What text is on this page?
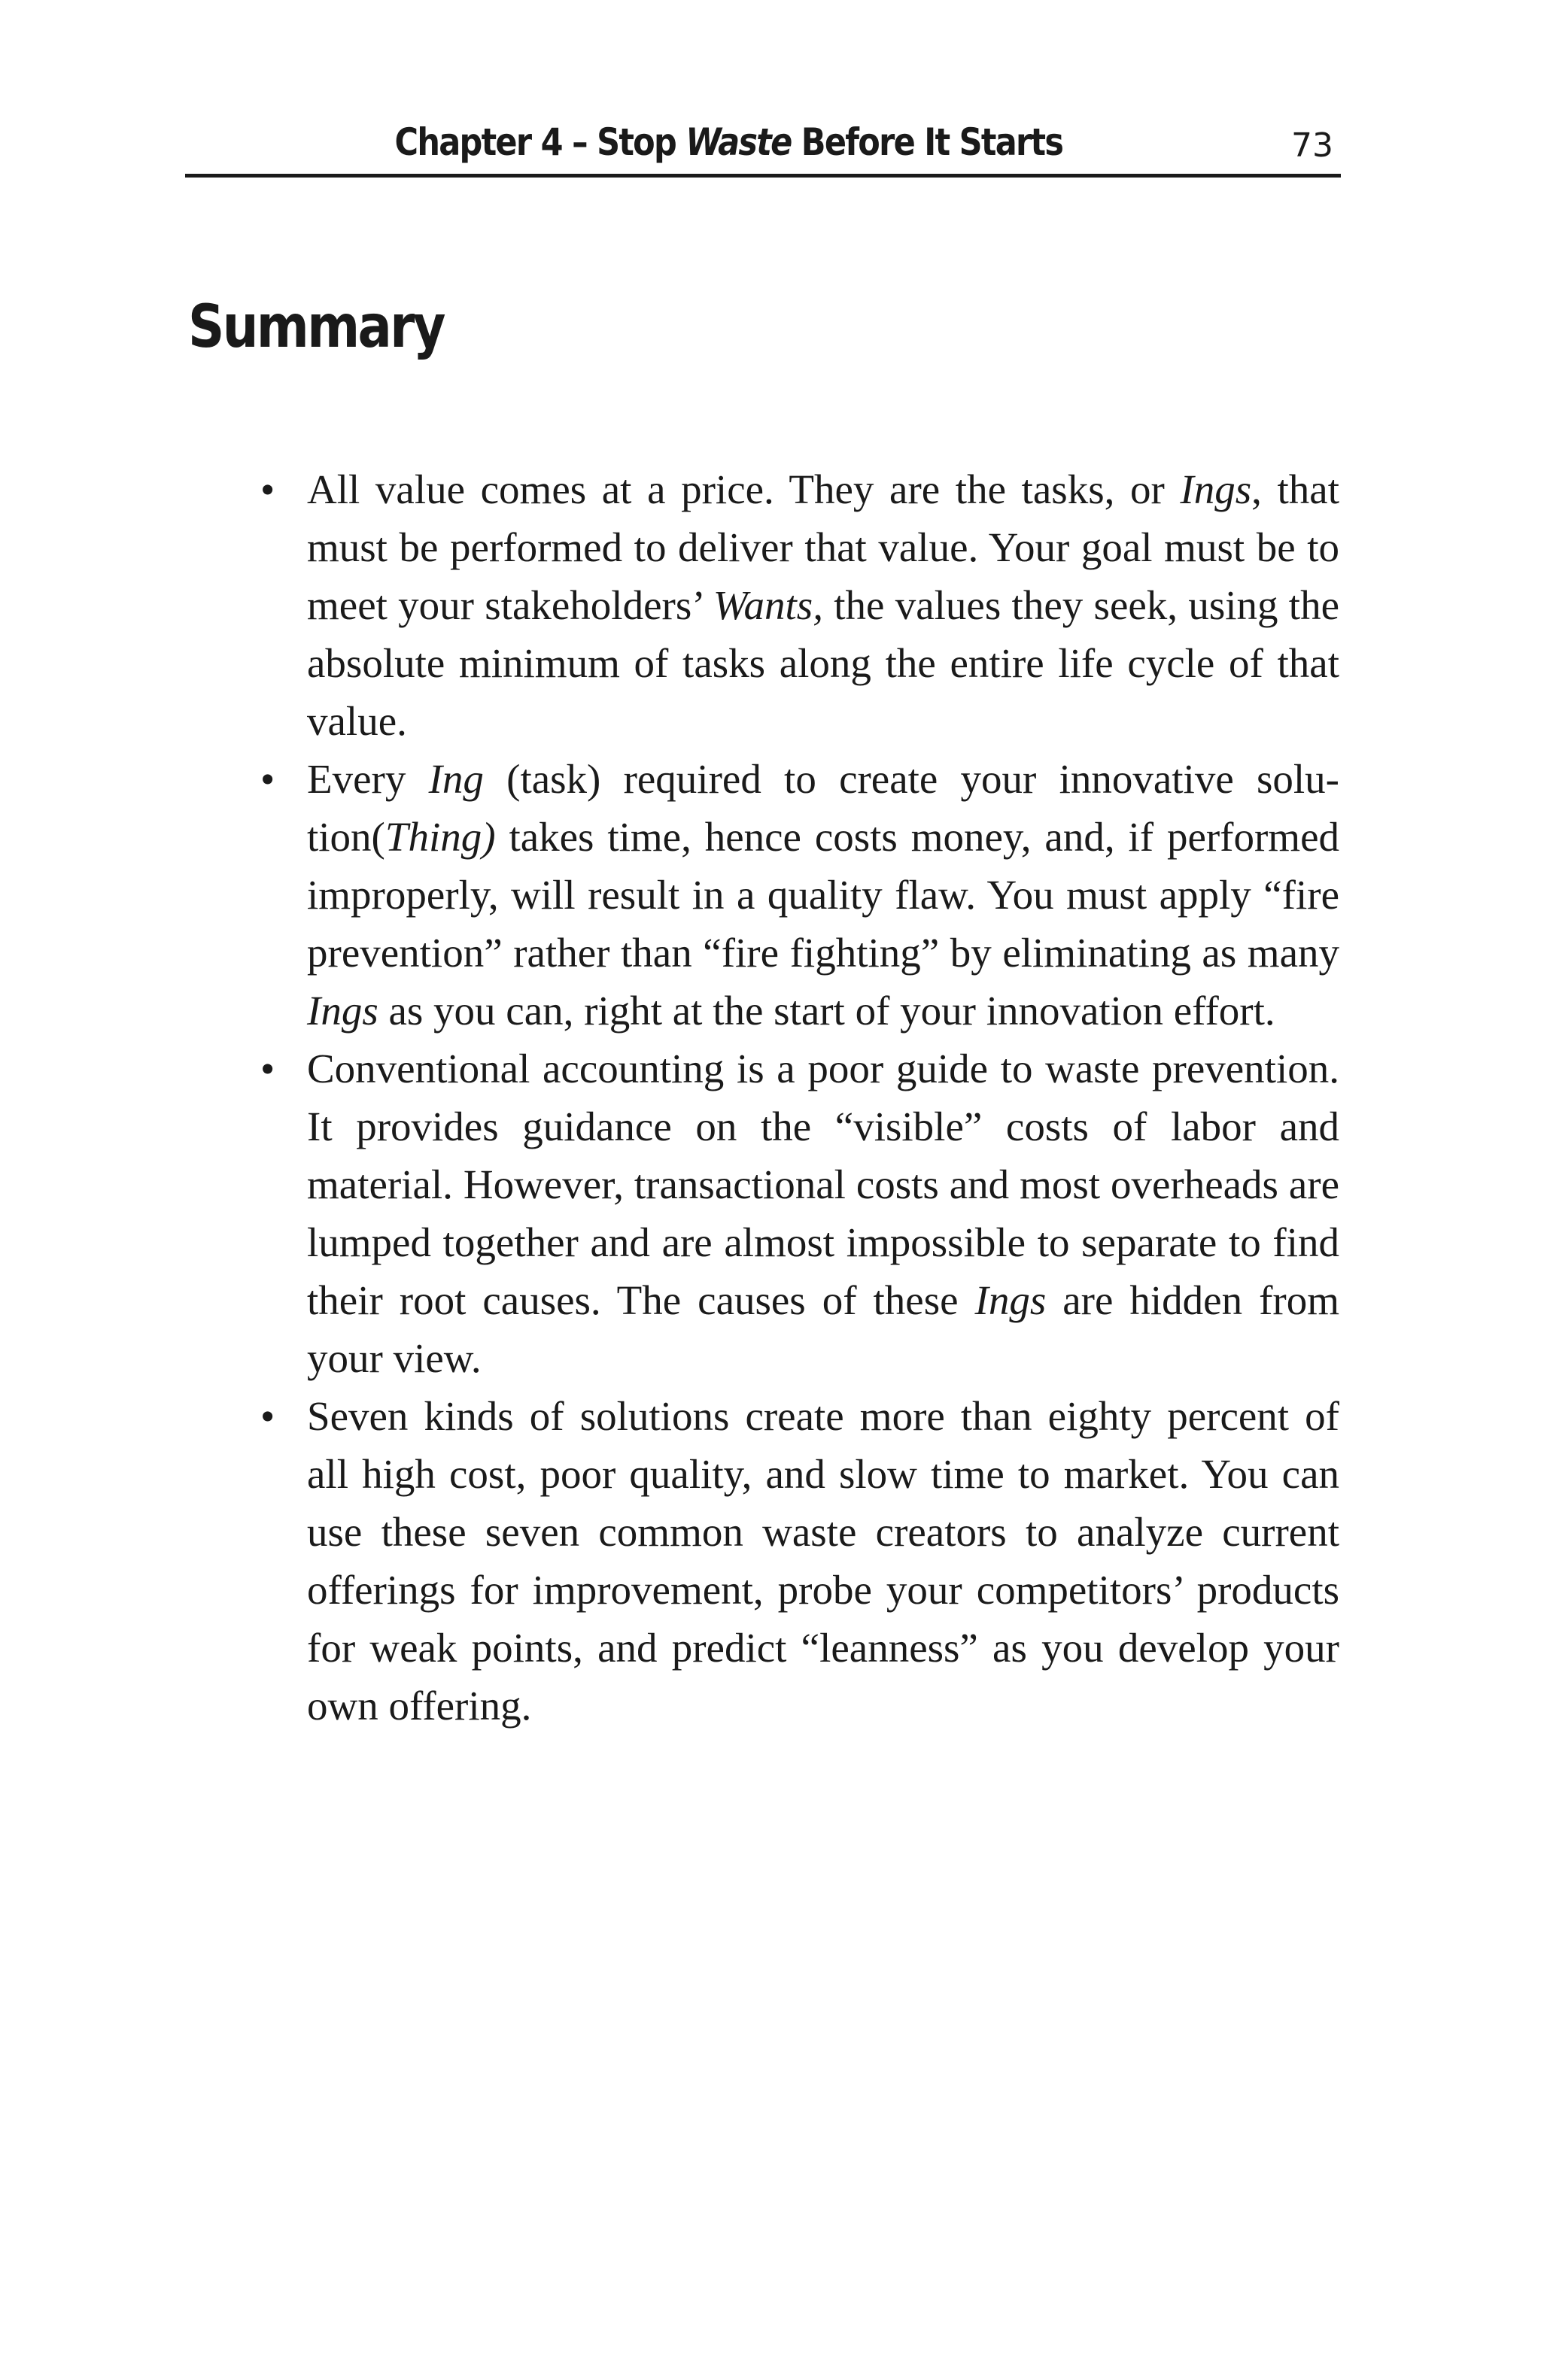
Chapter 4 – Stop Waste Before It Starts	73
Summary
• All value comes at a price. They are the tasks, or Ings, that must be performed to deliver that value. Your goal must be to meet your stakeholders’ Wants, the values they seek, using the absolute minimum of tasks along the entire life cycle of that value.
• Every Ing (task) required to create your innovative solution(Thing) takes time, hence costs money, and, if performed improperly, will result in a quality flaw. You must apply “fire prevention” rather than “fire fighting” by eliminating as many Ings as you can, right at the start of your innovation effort.
• Conventional accounting is a poor guide to waste prevention. It provides guidance on the “visible” costs of labor and material. However, transactional costs and most overheads are lumped together and are almost impossible to separate to find their root causes. The causes of these Ings are hidden from your view.
• Seven kinds of solutions create more than eighty percent of all high cost, poor quality, and slow time to market. You can use these seven common waste creators to analyze current offerings for improvement, probe your competitors’ products for weak points, and predict “leanness” as you develop your own offering.
